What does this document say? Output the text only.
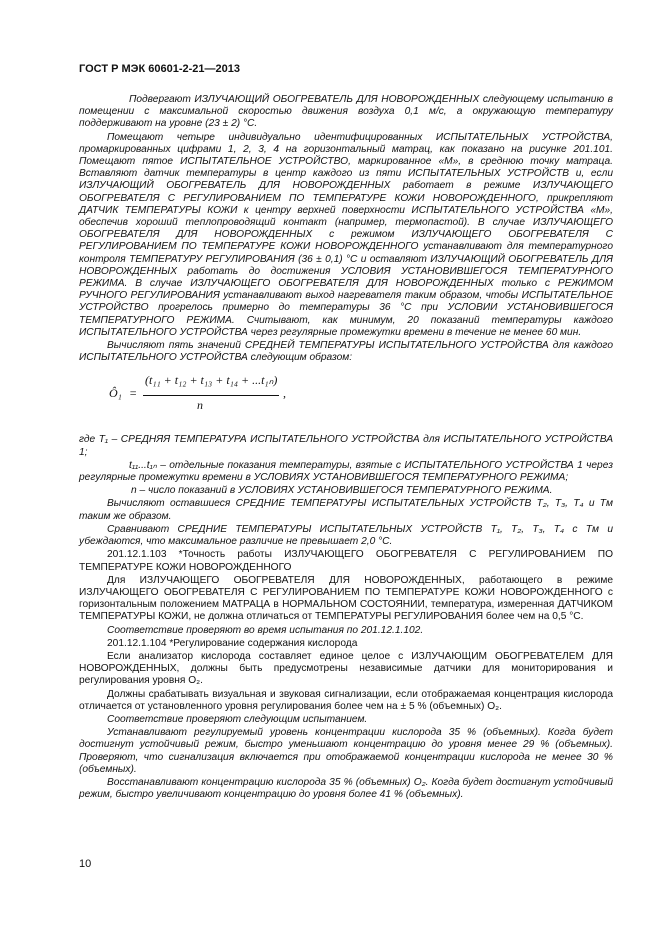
ГОСТ Р МЭК 60601-2-21—2013

Подвергают ИЗЛУЧАЮЩИЙ ОБОГРЕВАТЕЛЬ ДЛЯ НОВОРОЖДЕННЫХ следующему испытанию в помещении с максимальной скоростью движения воздуха 0,1 м/с, а окружающую температуру поддерживают на уровне (23 ± 2) °С.

Помещают четыре индивидуально идентифицированных ИСПЫТАТЕЛЬНЫХ УСТРОЙСТВА, промаркированных цифрами 1, 2, 3, 4 на горизонтальный матрац, как показано на рисунке 201.101. Помещают пятое ИСПЫТАТЕЛЬНОЕ УСТРОЙСТВО, маркированное «М», в среднюю точку матраца. Вставляют датчик температуры в центр каждого из пяти ИСПЫТАТЕЛЬНЫХ УСТРОЙСТВ и, если ИЗЛУЧАЮЩИЙ ОБОГРЕВАТЕЛЬ ДЛЯ НОВОРОЖДЕННЫХ работает в режиме ИЗЛУЧАЮЩЕГО ОБОГРЕВАТЕЛЯ С РЕГУЛИРОВАНИЕМ ПО ТЕМПЕРАТУРЕ КОЖИ НОВОРОЖДЕННОГО, прикрепляют ДАТЧИК ТЕМПЕРАТУРЫ КОЖИ к центру верхней поверхности ИСПЫТАТЕЛЬНОГО УСТРОЙСТВА «М», обеспечив хороший теплопроводящий контакт (например, термопастой). В случае ИЗЛУЧАЮЩЕГО ОБОГРЕВАТЕЛЯ ДЛЯ НОВОРОЖДЕННЫХ с режимом ИЗЛУЧАЮЩЕГО ОБОГРЕВАТЕЛЯ С РЕГУЛИРОВАНИЕМ ПО ТЕМПЕРАТУРЕ КОЖИ НОВОРОЖДЕННОГО устанавливают для температурного контроля ТЕМПЕРАТУРУ РЕГУЛИРОВАНИЯ (36 ± 0,1) °С и оставляют ИЗЛУЧАЮЩИЙ ОБОГРЕВАТЕЛЬ ДЛЯ НОВОРОЖДЕННЫХ работать до достижения УСЛОВИЯ УСТАНОВИВШЕГОСЯ ТЕМПЕРАТУРНОГО РЕЖИМА. В случае ИЗЛУЧАЮЩЕГО ОБОГРЕВАТЕЛЯ ДЛЯ НОВОРОЖДЕННЫХ только с РЕЖИМОМ РУЧНОГО РЕГУЛИРОВАНИЯ устанавливают выход нагревателя таким образом, чтобы ИСПЫТАТЕЛЬНОЕ УСТРОЙСТВО прогрелось примерно до температуры 36 °С при УСЛОВИИ УСТАНОВИВШЕГОСЯ ТЕМПЕРАТУРНОГО РЕЖИМА. Считывают, как минимум, 20 показаний температуры каждого ИСПЫТАТЕЛЬНОГО УСТРОЙСТВА через регулярные промежутки времени в течение не менее 60 мин.

Вычисляют пять значений СРЕДНЕЙ ТЕМПЕРАТУРЫ ИСПЫТАТЕЛЬНОГО УСТРОЙСТВА для каждого ИСПЫТАТЕЛЬНОГО УСТРОЙСТВА следующим образом:

Ô₁ =
(t₁₁ + t₁₂ + t₁₃ + t₁₄ + ...t₁ₙ)
n
,

где T₁ – СРЕДНЯЯ ТЕМПЕРАТУРА ИСПЫТАТЕЛЬНОГО УСТРОЙСТВА для ИСПЫТАТЕЛЬНОГО УСТРОЙСТВА 1;

t₁₁...t₁ₙ – отдельные показания температуры, взятые с ИСПЫТАТЕЛЬНОГО УСТРОЙСТВА 1 через регулярные промежутки времени в УСЛОВИЯХ УСТАНОВИВШЕГОСЯ ТЕМПЕРАТУРНОГО РЕЖИМА;

n – число показаний в УСЛОВИЯХ УСТАНОВИВШЕГОСЯ ТЕМПЕРАТУРНОГО РЕЖИМА.

Вычисляют оставшиеся СРЕДНИЕ ТЕМПЕРАТУРЫ ИСПЫТАТЕЛЬНЫХ УСТРОЙСТВ T₂, T₃, T₄ и Tм таким же образом.

Сравнивают СРЕДНИЕ ТЕМПЕРАТУРЫ ИСПЫТАТЕЛЬНЫХ УСТРОЙСТВ T₁, T₂, T₃, T₄ с Tм и убеждаются, что максимальное различие не превышает 2,0 °С.

201.12.1.103 *Точность работы ИЗЛУЧАЮЩЕГО ОБОГРЕВАТЕЛЯ С РЕГУЛИРОВАНИЕМ ПО ТЕМПЕРАТУРЕ КОЖИ НОВОРОЖДЕННОГО

Для ИЗЛУЧАЮЩЕГО ОБОГРЕВАТЕЛЯ ДЛЯ НОВОРОЖДЕННЫХ, работающего в режиме ИЗЛУЧАЮЩЕГО ОБОГРЕВАТЕЛЯ С РЕГУЛИРОВАНИЕМ ПО ТЕМПЕРАТУРЕ КОЖИ НОВОРОЖДЕННОГО с горизонтальным положением МАТРАЦА в НОРМАЛЬНОМ СОСТОЯНИИ, температура, измеренная ДАТЧИКОМ ТЕМПЕРАТУРЫ КОЖИ, не должна отличаться от ТЕМПЕРАТУРЫ РЕГУЛИРОВАНИЯ более чем на 0,5 °С.

Соответствие проверяют во время испытания по 201.12.1.102.

201.12.1.104 *Регулирование содержания кислорода

Если анализатор кислорода составляет единое целое с ИЗЛУЧАЮЩИМ ОБОГРЕВАТЕЛЕМ ДЛЯ НОВОРОЖДЕННЫХ, должны быть предусмотрены независимые датчики для мониторирования и регулирования уровня O₂.

Должны срабатывать визуальная и звуковая сигнализации, если отображаемая концентрация кислорода отличается от установленного уровня регулирования более чем на ± 5 % (объемных) O₂.

Соответствие проверяют следующим испытанием.

Устанавливают регулируемый уровень концентрации кислорода 35 % (объемных). Когда будет достигнут устойчивый режим, быстро уменьшают концентрацию до уровня менее 29 % (объемных). Проверяют, что сигнализация включается при отображаемой концентрации кислорода не менее 30 % (объемных).

Восстанавливают концентрацию кислорода 35 % (объемных) O₂. Когда будет достигнут устойчивый режим, быстро увеличивают концентрацию до уровня более 41 % (объемных).

10
